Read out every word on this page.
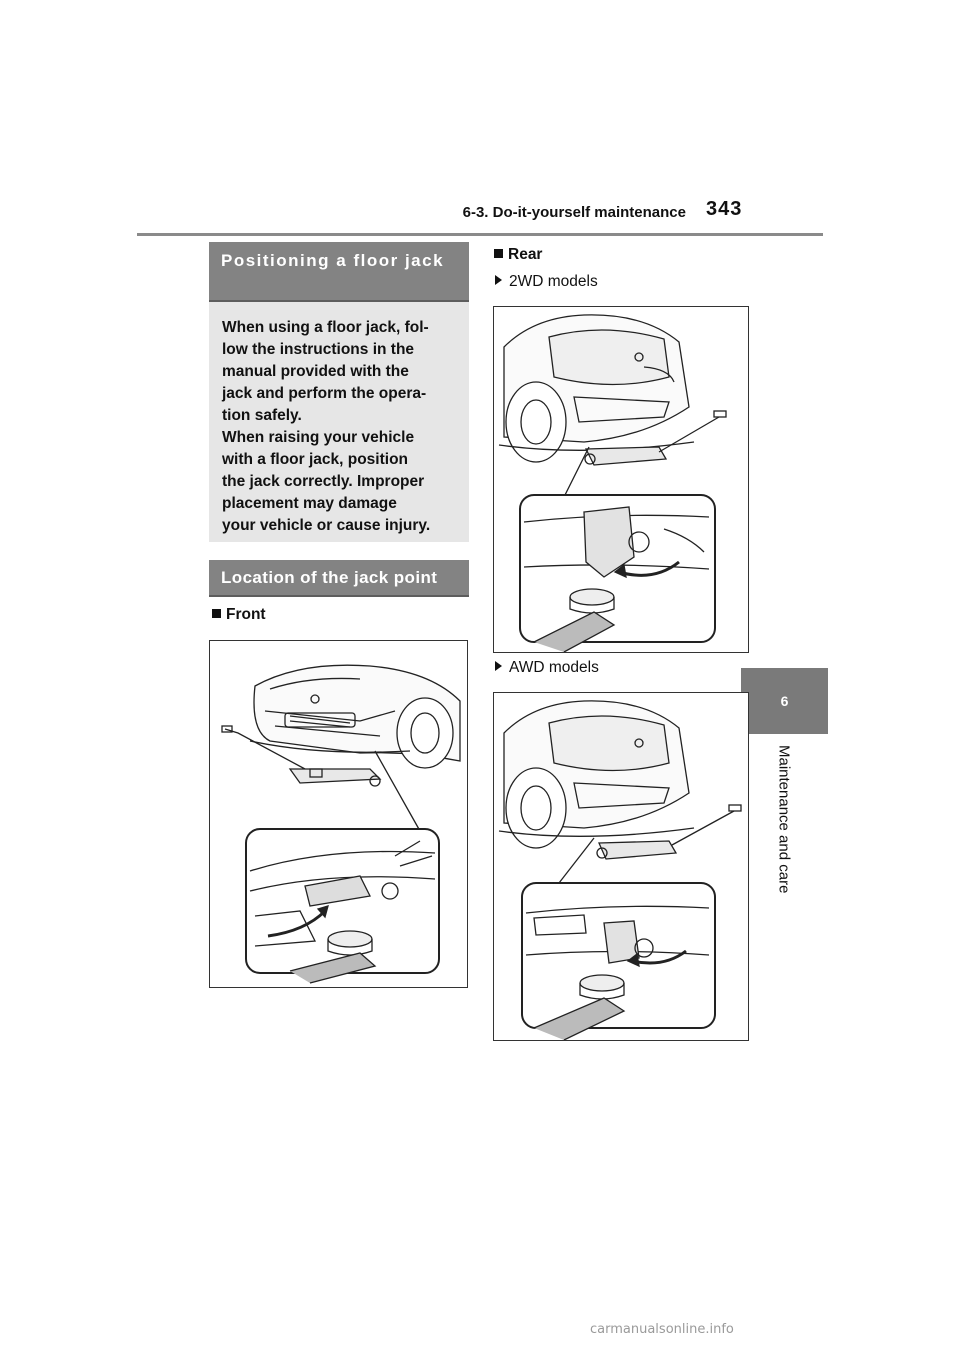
6-3. Do-it-yourself maintenance 343
6
Maintenance and care
Positioning a floor jack

When using a floor jack, fol-

low the instructions in the

manual provided with the

jack and perform the opera-

tion safely.

When raising your vehicle

with a floor jack, position

the jack correctly. Improper

placement may damage

your vehicle or cause injury.

Location of the jack point
Front
Rear
2WD models
AWD models
carmanualsonline.info
